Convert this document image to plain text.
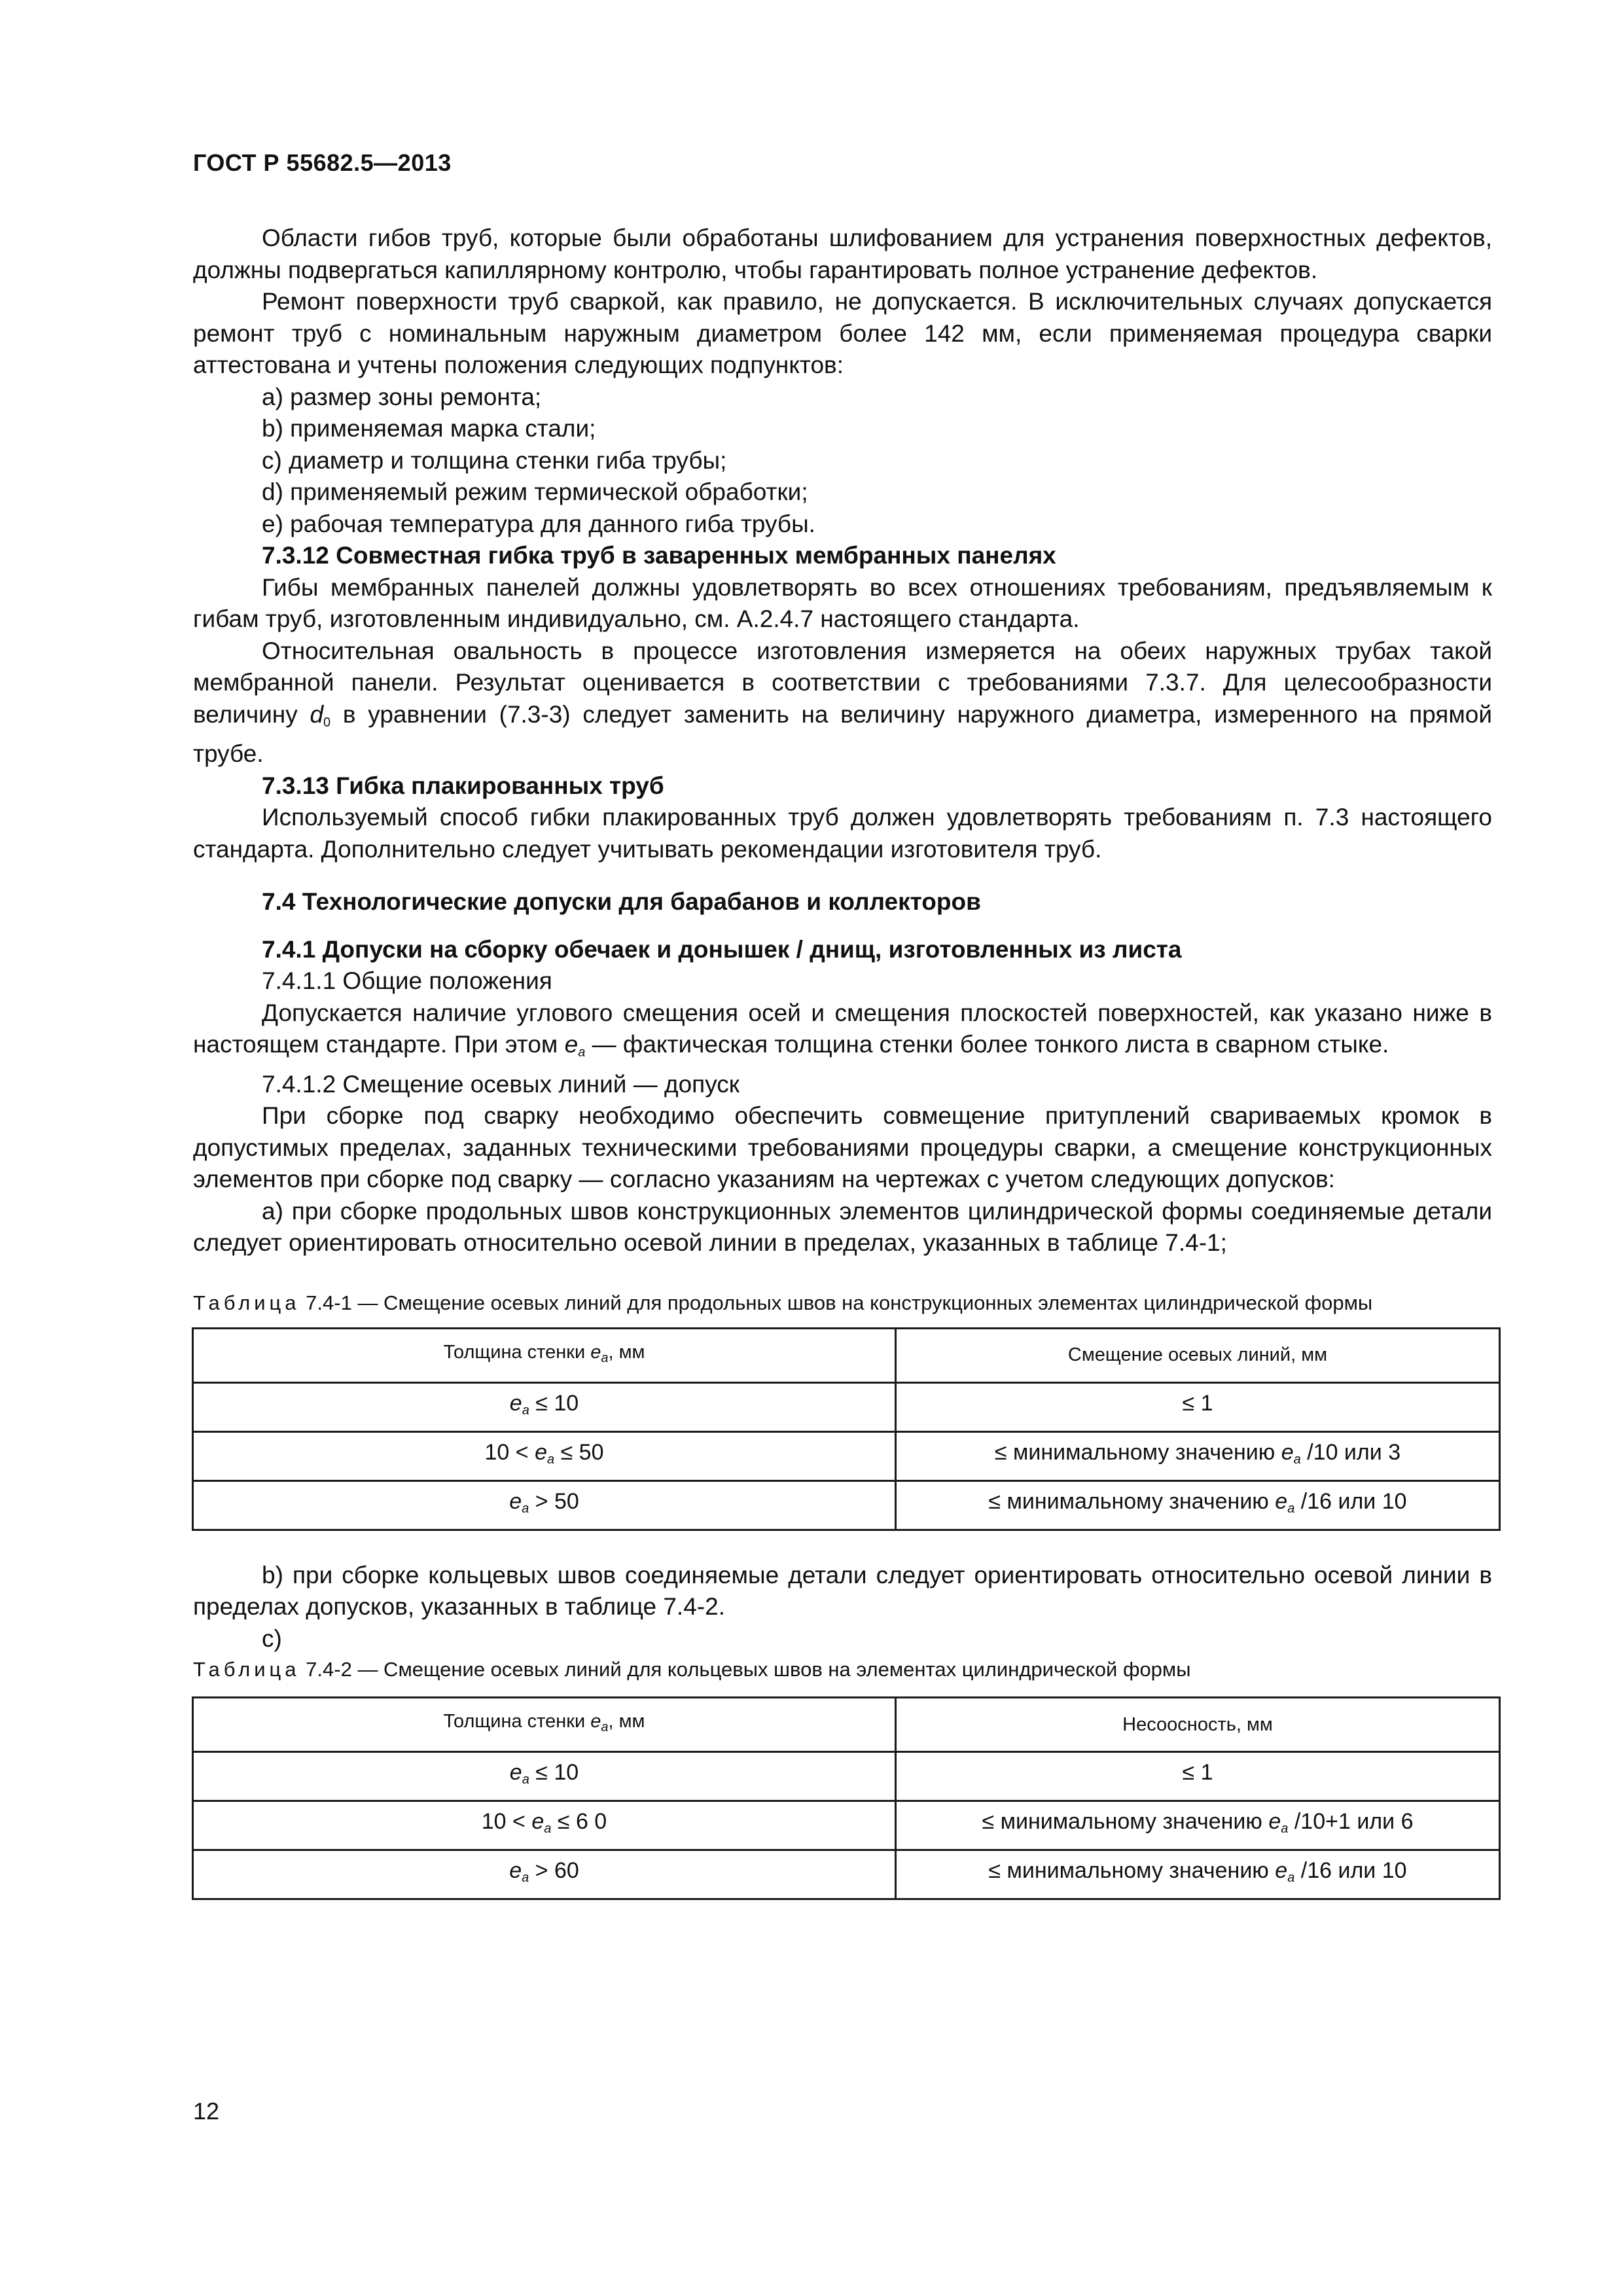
ГОСТ Р 55682.5—2013

Области гибов труб, которые были обработаны шлифованием для устранения поверхностных дефектов, должны подвергаться капиллярному контролю, чтобы гарантировать полное устранение дефектов.

Ремонт поверхности труб сваркой, как правило, не допускается. В исключительных случаях допускается ремонт труб с номинальным наружным диаметром более 142 мм, если применяемая процедура сварки аттестована и учтены положения следующих подпунктов:

a) размер зоны ремонта;

b) применяемая марка стали;

c) диаметр и толщина стенки гиба трубы;

d) применяемый режим термической обработки;

e) рабочая температура для данного гиба трубы.

7.3.12 Совместная гибка труб в заваренных мембранных панелях

Гибы мембранных панелей должны удовлетворять во всех отношениях требованиям, предъявляемым к гибам труб, изготовленным индивидуально, см. А.2.4.7 настоящего стандарта.

Относительная овальность в процессе изготовления измеряется на обеих наружных трубах такой мембранной панели. Результат оценивается в соответствии с требованиями 7.3.7. Для целесообразности величину $d_0$ в уравнении (7.3-3) следует заменить на величину наружного диаметра, измеренного на прямой трубе.

7.3.13 Гибка плакированных труб

Используемый способ гибки плакированных труб должен удовлетворять требованиям п. 7.3 настоящего стандарта. Дополнительно следует учитывать рекомендации изготовителя труб.

7.4 Технологические допуски для барабанов и коллекторов

7.4.1 Допуски на сборку обечаек и донышек / днищ, изготовленных из листа

7.4.1.1 Общие положения

Допускается наличие углового смещения осей и смещения плоскостей поверхностей, как указано ниже в настоящем стандарте. При этом $e_a$ — фактическая толщина стенки более тонкого листа в сварном стыке.

7.4.1.2 Смещение осевых линий — допуск

При сборке под сварку необходимо обеспечить совмещение притуплений свариваемых кромок в допустимых пределах, заданных техническими требованиями процедуры сварки, а смещение конструкционных элементов при сборке под сварку — согласно указаниям на чертежах с учетом следующих допусков:

a) при сборке продольных швов конструкционных элементов цилиндрической формы соединяемые детали следует ориентировать относительно осевой линии в пределах, указанных в таблице 7.4-1;

Таблица 7.4-1 — Смещение осевых линий для продольных швов на конструкционных элементах цилиндрической формы

Толщина стенки $e_a$, мм	Смещение осевых линий, мм
$e_a \le 10$	≤ 1
$10 < e_a \le 50$	≤ минимальному значению $e_a$ /10 или 3
$e_a > 50$	≤ минимальному значению $e_a$ /16 или 10

b) при сборке кольцевых швов соединяемые детали следует ориентировать относительно осевой линии в пределах допусков, указанных в таблице 7.4-2.

c)

Таблица 7.4-2 — Смещение осевых линий для кольцевых швов на элементах цилиндрической формы

Толщина стенки $e_a$, мм	Несоосность, мм
$e_a \le 10$	≤ 1
$10 < e_a \le 6$ 0	≤ минимальному значению $e_a$ /10+1 или 6
$e_a > 60$	≤ минимальному значению $e_a$ /16 или 10
12
